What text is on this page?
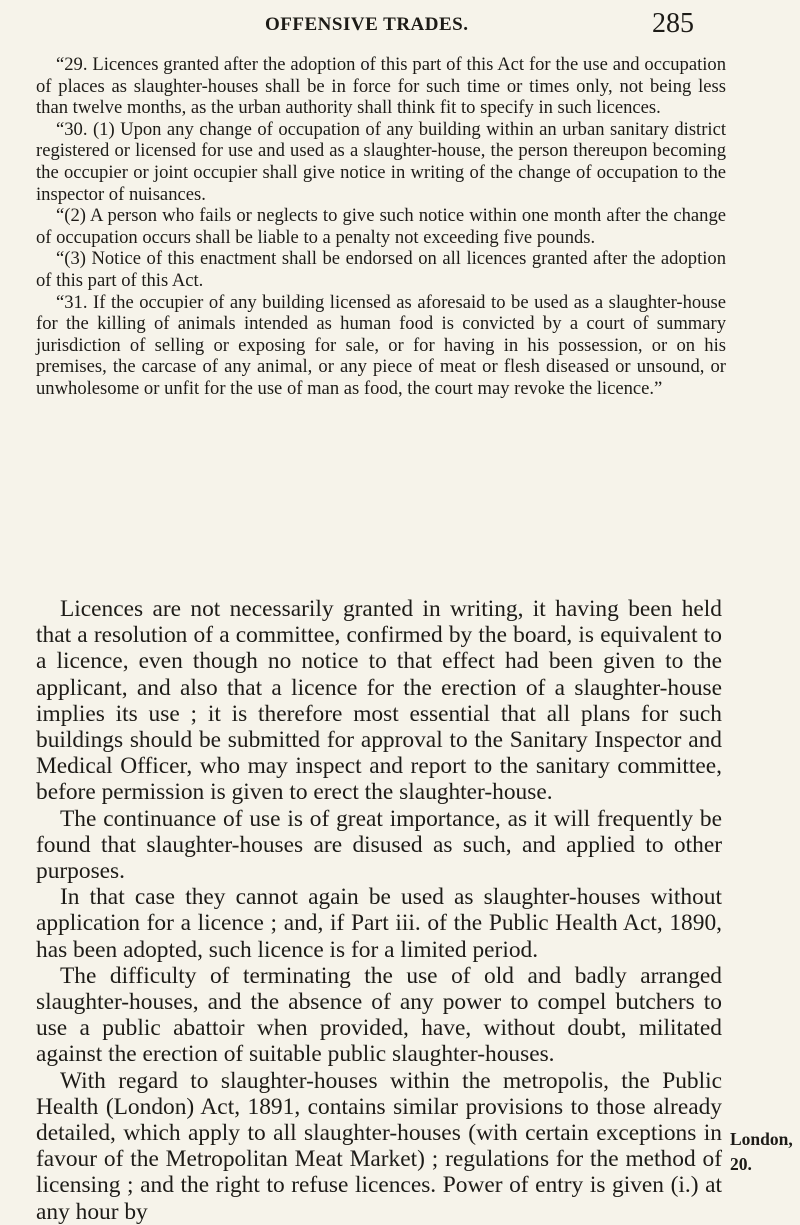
OFFENSIVE TRADES.	285

“29. Licences granted after the adoption of this part of this Act for the use and occupation of places as slaughter-houses shall be in force for such time or times only, not being less than twelve months, as the urban authority shall think fit to specify in such licences.

“30. (1) Upon any change of occupation of any building within an urban sanitary district registered or licensed for use and used as a slaughter-house, the person thereupon becoming the occupier or joint occupier shall give notice in writing of the change of occupation to the inspector of nuisances.

“(2) A person who fails or neglects to give such notice within one month after the change of occupation occurs shall be liable to a penalty not exceeding five pounds.

“(3) Notice of this enactment shall be endorsed on all licences granted after the adoption of this part of this Act.

“31. If the occupier of any building licensed as aforesaid to be used as a slaughter-house for the killing of animals intended as human food is convicted by a court of summary jurisdiction of selling or exposing for sale, or for having in his possession, or on his premises, the carcase of any animal, or any piece of meat or flesh diseased or unsound, or unwholesome or unfit for the use of man as food, the court may revoke the licence.”

Licences are not necessarily granted in writing, it having been held that a resolution of a committee, confirmed by the board, is equivalent to a licence, even though no notice to that effect had been given to the applicant, and also that a licence for the erection of a slaughter-house implies its use ; it is therefore most essential that all plans for such buildings should be submitted for approval to the Sanitary Inspector and Medical Officer, who may inspect and report to the sanitary committee, before permission is given to erect the slaughter-house.

The continuance of use is of great importance, as it will frequently be found that slaughter-houses are disused as such, and applied to other purposes.

In that case they cannot again be used as slaughter-houses without application for a licence ; and, if Part iii. of the Public Health Act, 1890, has been adopted, such licence is for a limited period.

The difficulty of terminating the use of old and badly arranged slaughter-houses, and the absence of any power to compel butchers to use a public abattoir when provided, have, without doubt, militated against the erection of suitable public slaughter-houses.

With regard to slaughter-houses within the metropolis, the Public Health (London) Act, 1891, contains similar provisions to those already detailed, which apply to all slaughter-houses (with certain exceptions in favour of the Metropolitan Meat Market) ; regulations for the method of licensing ; and the right to refuse licences. Power of entry is given (i.) at any hour by

London,
20.
